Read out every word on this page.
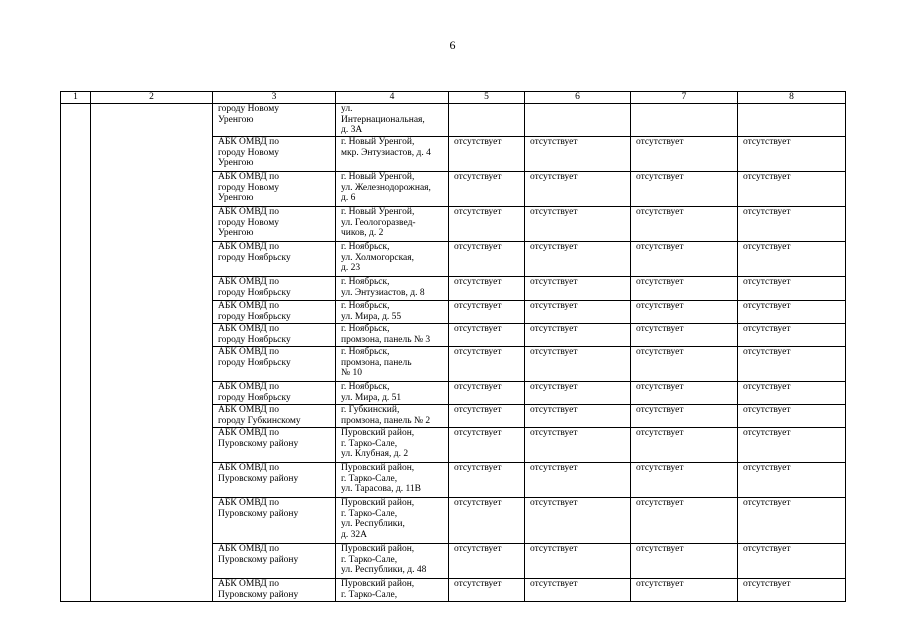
6
1	2	3	4	5	6	7	8

		городу Новому
Уренгою	ул.
Интернациональная,
д. 3А				

		АБК ОМВД по
городу Новому
Уренгою	г. Новый Уренгой,
мкр. Энтузиастов, д. 4	отсутствует	отсутствует	отсутствует	отсутствует

		АБК ОМВД по
городу Новому
Уренгою	г. Новый Уренгой,
ул. Железнодорожная,
д. 6	отсутствует	отсутствует	отсутствует	отсутствует

		АБК ОМВД по
городу Новому
Уренгою	г. Новый Уренгой,
ул. Геологоразвед-
чиков, д. 2	отсутствует	отсутствует	отсутствует	отсутствует

		АБК ОМВД по
городу Ноябрьску	г. Ноябрьск,
ул. Холмогорская,
д. 23	отсутствует	отсутствует	отсутствует	отсутствует

		АБК ОМВД по
городу Ноябрьску	г. Ноябрьск,
ул. Энтузиастов, д. 8	отсутствует	отсутствует	отсутствует	отсутствует

		АБК ОМВД по
городу Ноябрьску	г. Ноябрьск,
ул. Мира, д. 55	отсутствует	отсутствует	отсутствует	отсутствует

		АБК ОМВД по
городу Ноябрьску	г. Ноябрьск,
промзона, панель № 3	отсутствует	отсутствует	отсутствует	отсутствует

		АБК ОМВД по
городу Ноябрьску	г. Ноябрьск,
промзона, панель
№ 10	отсутствует	отсутствует	отсутствует	отсутствует

		АБК ОМВД по
городу Ноябрьску	г. Ноябрьск,
ул. Мира, д. 51	отсутствует	отсутствует	отсутствует	отсутствует

		АБК ОМВД по
городу Губкинскому	г. Губкинский,
промзона, панель № 2	отсутствует	отсутствует	отсутствует	отсутствует

		АБК ОМВД по
Пуровскому району	Пуровский район,
г. Тарко-Сале,
ул. Клубная, д. 2	отсутствует	отсутствует	отсутствует	отсутствует

		АБК ОМВД по
Пуровскому району	Пуровский район,
г. Тарко-Сале,
ул. Тарасова, д. 11В	отсутствует	отсутствует	отсутствует	отсутствует

		АБК ОМВД по
Пуровскому району	Пуровский район,
г. Тарко-Сале,
ул. Республики,
д. 32А	отсутствует	отсутствует	отсутствует	отсутствует

		АБК ОМВД по
Пуровскому району	Пуровский район,
г. Тарко-Сале,
ул. Республики, д. 48	отсутствует	отсутствует	отсутствует	отсутствует

		АБК ОМВД по
Пуровскому району	Пуровский район,
г. Тарко-Сале,	отсутствует	отсутствует	отсутствует	отсутствует
